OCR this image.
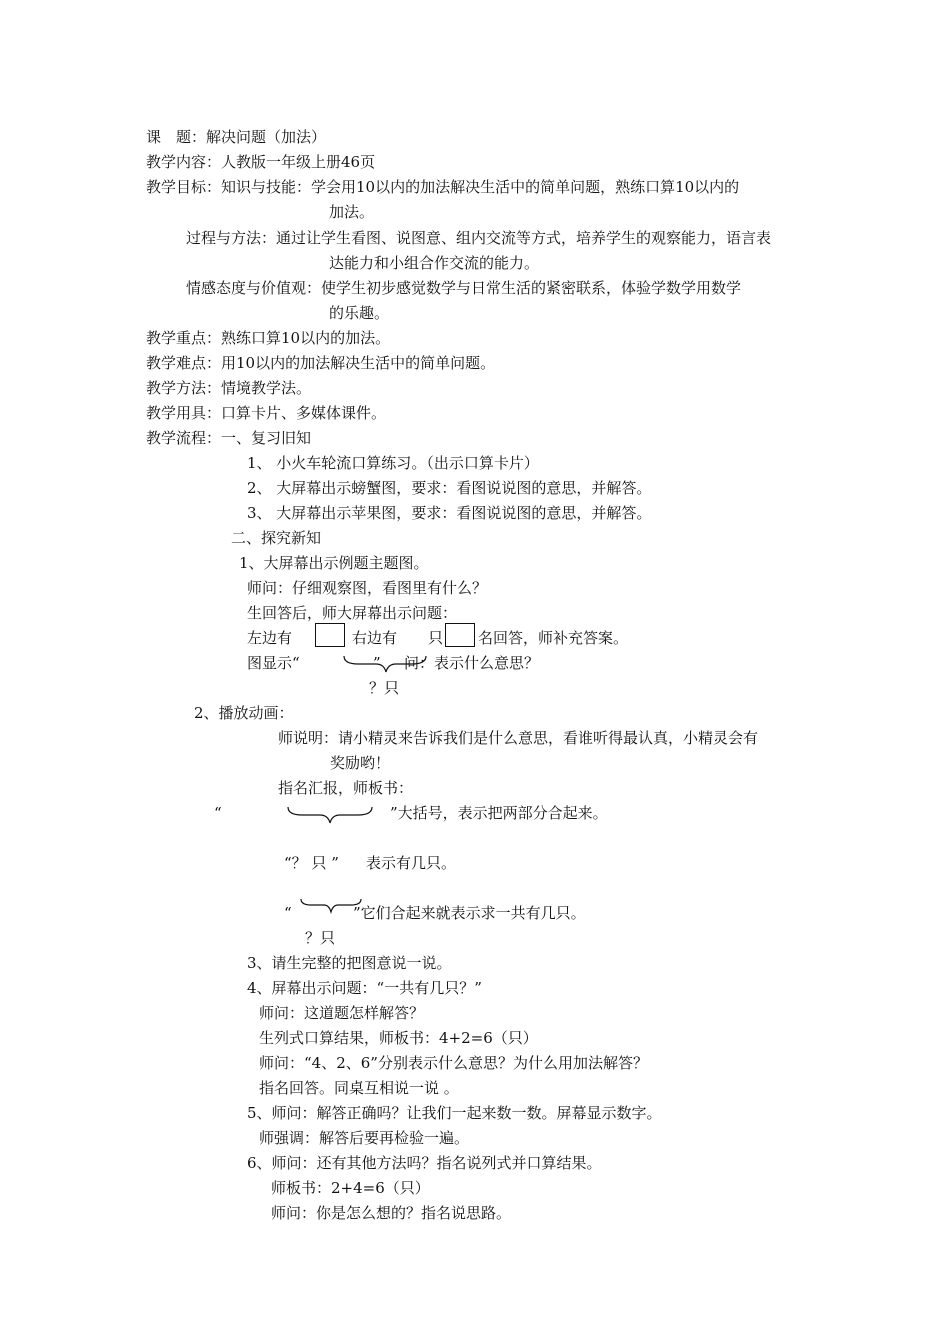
课　题：解决问题（加法）
教学内容：人教版一年级上册46页
教学目标：知识与技能：学会用10以内的加法解决生活中的简单问题，熟练口算10以内的
加法。
过程与方法：通过让学生看图、说图意、组内交流等方式，培养学生的观察能力，语言表
达能力和小组合作交流的能力。
情感态度与价值观：使学生初步感觉数学与日常生活的紧密联系，体验学数学用数学
的乐趣。
教学重点：熟练口算10以内的加法。
教学难点：用10以内的加法解决生活中的简单问题。
教学方法：情境教学法。
教学用具：口算卡片、多媒体课件。
教学流程：一、复习旧知
1、 小火车轮流口算练习。（出示口算卡片）
2、 大屏幕出示螃蟹图，要求：看图说说图的意思，并解答。
3、 大屏幕出示苹果图，要求：看图说说图的意思，并解答。
二、探究新知
1、大屏幕出示例题主题图。
师问：仔细观察图，看图里有什么？
生回答后，师大屏幕出示问题：
左边有	右边有 只 名回答，师补充答案。
图显示“	” 问：表示什么意思？
？只
2、播放动画：
师说明：请小精灵来告诉我们是什么意思，看谁听得最认真，小精灵会有
奖励哟！
指名汇报，师板书：
“	”大括号，表示把两部分合起来。
“？ 只 ” 表示有几只。
“	”它们合起来就表示求一共有几只。
？只
3、请生完整的把图意说一说。
4、屏幕出示问题：“一共有几只？”
师问：这道题怎样解答？
生列式口算结果，师板书：4+2=6（只）
师问：“4、2、6”分别表示什么意思？为什么用加法解答？
指名回答。同桌互相说一说 。
5、师问：解答正确吗？让我们一起来数一数。屏幕显示数字。
师强调：解答后要再检验一遍。
6、师问：还有其他方法吗？指名说列式并口算结果。
师板书：2+4=6（只）
师问：你是怎么想的？指名说思路。
